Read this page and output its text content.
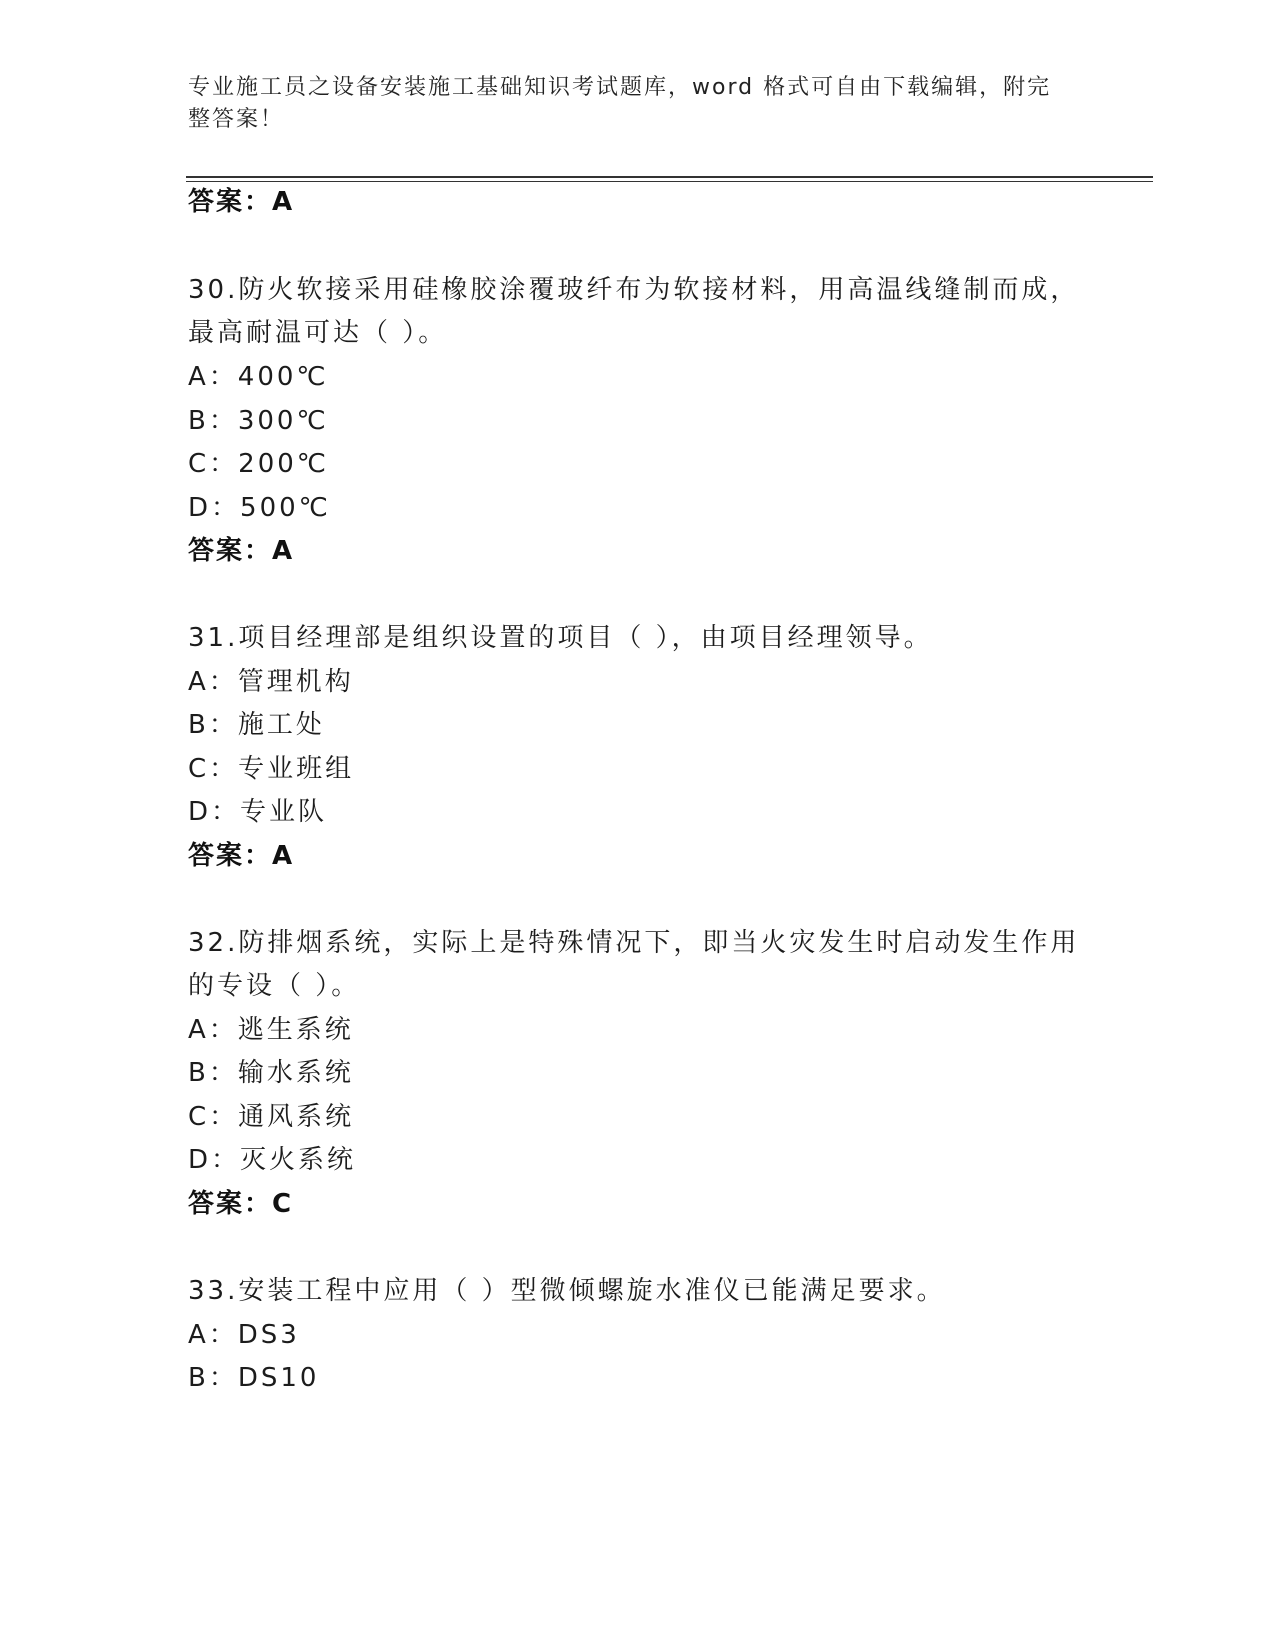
专业施工员之设备安装施工基础知识考试题库，word 格式可自由下载编辑，附完
整答案！
答案：A
30.防火软接采用硅橡胶涂覆玻纤布为软接材料，用高温线缝制而成，
最高耐温可达（ ）。
A：400℃
B：300℃
C：200℃
D：500℃
答案：A
31.项目经理部是组织设置的项目（ ），由项目经理领导。
A：管理机构
B：施工处
C：专业班组
D：专业队
答案：A
32.防排烟系统，实际上是特殊情况下，即当火灾发生时启动发生作用
的专设（ ）。
A：逃生系统
B：输水系统
C：通风系统
D：灭火系统
答案：C
33.安装工程中应用（ ）型微倾螺旋水准仪已能满足要求。
A：DS3
B：DS10
